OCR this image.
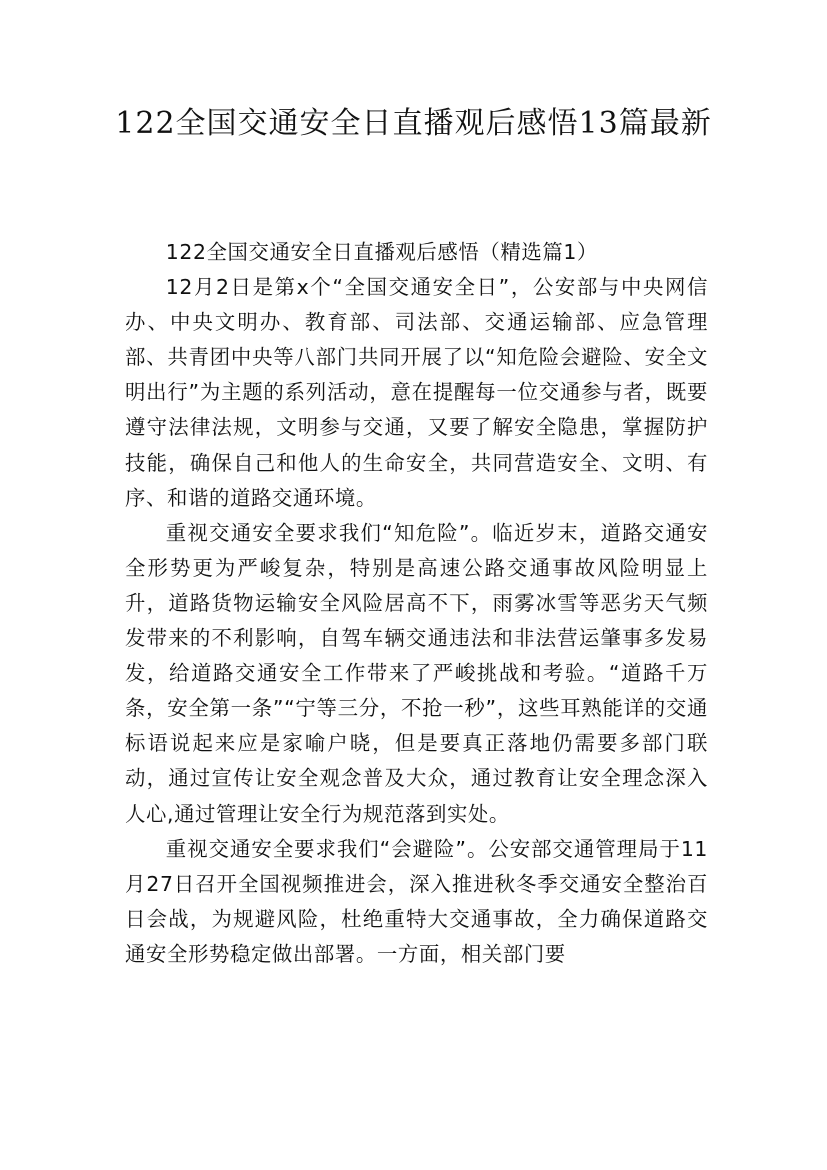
122全国交通安全日直播观后感悟13篇最新

122全国交通安全日直播观后感悟（精选篇1）

12月2日是第x个“全国交通安全日”，公安部与中央网信办、中央文明办、教育部、司法部、交通运输部、应急管理部、共青团中央等八部门共同开展了以“知危险会避险、安全文明出行”为主题的系列活动，意在提醒每一位交通参与者，既要遵守法律法规，文明参与交通，又要了解安全隐患，掌握防护技能，确保自己和他人的生命安全，共同营造安全、文明、有序、和谐的道路交通环境。

重视交通安全要求我们“知危险”。临近岁末，道路交通安全形势更为严峻复杂，特别是高速公路交通事故风险明显上升，道路货物运输安全风险居高不下，雨雾冰雪等恶劣天气频发带来的不利影响，自驾车辆交通违法和非法营运肇事多发易发，给道路交通安全工作带来了严峻挑战和考验。“道路千万条，安全第一条”“宁等三分，不抢一秒”，这些耳熟能详的交通标语说起来应是家喻户晓，但是要真正落地仍需要多部门联动，通过宣传让安全观念普及大众，通过教育让安全理念深入人心,通过管理让安全行为规范落到实处。

重视交通安全要求我们“会避险”。公安部交通管理局于11月27日召开全国视频推进会，深入推进秋冬季交通安全整治百日会战，为规避风险，杜绝重特大交通事故，全力确保道路交通安全形势稳定做出部署。一方面，相关部门要
